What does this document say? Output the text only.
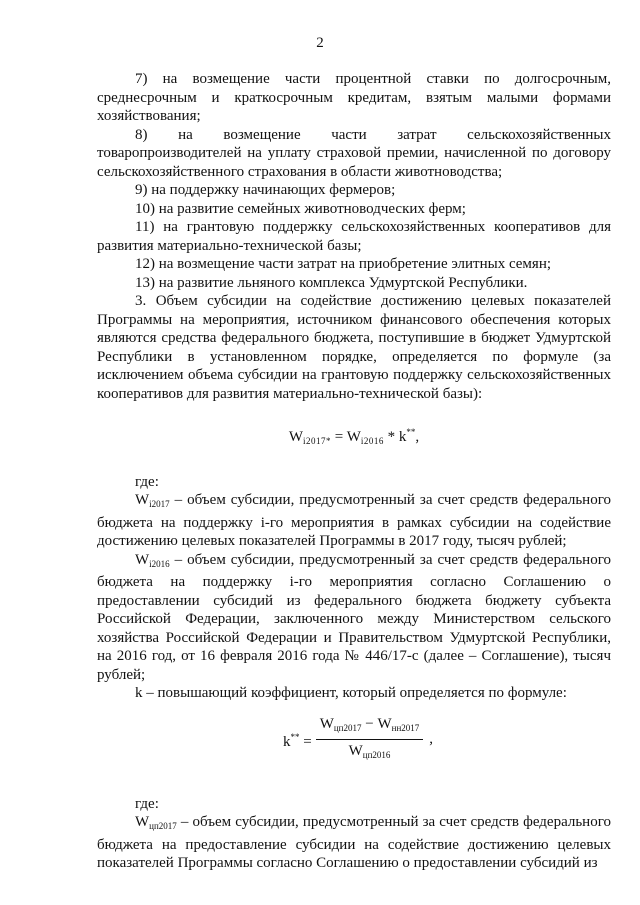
2

7) на возмещение части процентной ставки по долгосрочным, среднесрочным и краткосрочным кредитам, взятым малыми формами хозяйствования;

8) на возмещение части затрат сельскохозяйственных товаропроизводителей на уплату страховой премии, начисленной по договору сельскохозяйственного страхования в области животноводства;

9) на поддержку начинающих фермеров;

10) на развитие семейных животноводческих ферм;

11) на грантовую поддержку сельскохозяйственных кооперативов для развития материально-технической базы;

12) на возмещение части затрат на приобретение элитных семян;

13) на развитие льняного комплекса Удмуртской Республики.

3. Объем субсидии на содействие достижению целевых показателей Программы на мероприятия, источником финансового обеспечения которых являются средства федерального бюджета, поступившие в бюджет Удмуртской Республики в установленном порядке, определяется по формуле (за исключением объема субсидии на грантовую поддержку сельскохозяйственных кооперативов для развития материально-технической базы):

$W_{i2017*} = W_{i2016} * k^{**}$,

где:

$W_{i2017}$ – объем субсидии, предусмотренный за счет средств федерального бюджета на поддержку i-го мероприятия в рамках субсидии на содействие достижению целевых показателей Программы в 2017 году, тысяч рублей;

$W_{i2016}$ – объем субсидии, предусмотренный за счет средств федерального бюджета на поддержку i-го мероприятия согласно Соглашению о предоставлении субсидий из федерального бюджета бюджету субъекта Российской Федерации, заключенного между Министерством сельского хозяйства Российской Федерации и Правительством Удмуртской Республики, на 2016 год, от 16 февраля 2016 года № 446/17-с (далее – Соглашение), тысяч рублей;

k – повышающий коэффициент, который определяется по формуле:

$k^{**} = \frac{W_{цп2017} - W_{нн2017}}{W_{цп2016}}$ ,

где:

$W_{цп2017}$ – объем субсидии, предусмотренный за счет средств федерального бюджета на предоставление субсидии на содействие достижению целевых показателей Программы согласно Соглашению о предоставлении субсидий из
